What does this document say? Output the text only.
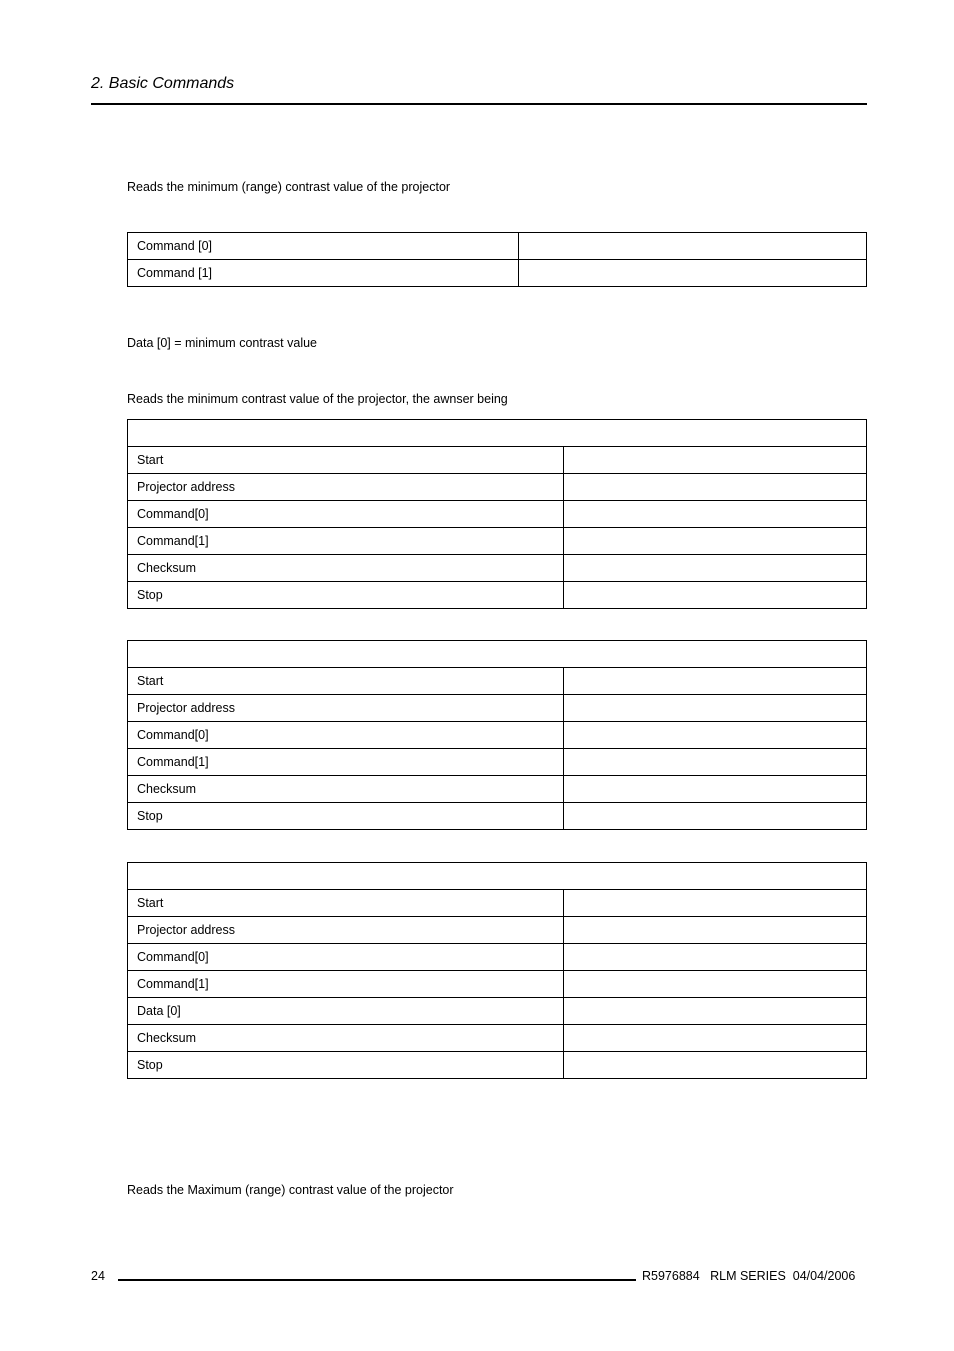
2. Basic Commands
Reads the minimum (range) contrast value of the projector
Command [0]	
Command [1]	
Data [0] = minimum contrast value
Reads the minimum contrast value of the projector, the awnser being

Start	
Projector address	
Command[0]	
Command[1]	
Checksum	
Stop	

Start	
Projector address	
Command[0]	
Command[1]	
Checksum	
Stop	

Start	
Projector address	
Command[0]	
Command[1]	
Data [0]	
Checksum	
Stop	
Reads the Maximum (range) contrast value of the projector
24	R5976884   RLM SERIES  04/04/2006
